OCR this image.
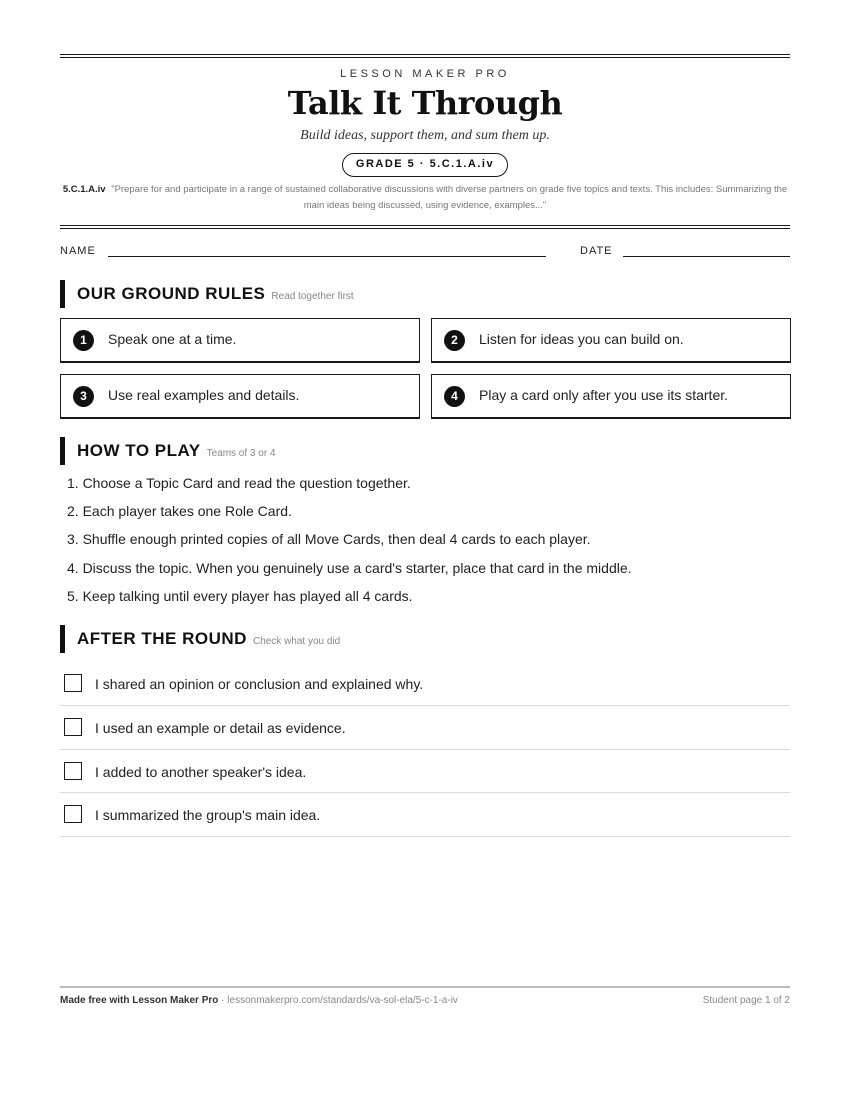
LESSON MAKER PRO
Talk It Through
Build ideas, support them, and sum them up.
GRADE 5 · 5.C.1.A.iv
5.C.1.A.iv "Prepare for and participate in a range of sustained collaborative discussions with diverse partners on grade five topics and texts. This includes: Summarizing the main ideas being discussed, using evidence, examples..."
NAME	DATE
OUR GROUND RULES Read together first
1	Speak one at a time.	2	Listen for ideas you can build on.
3	Use real examples and details.	4	Play a card only after you use its starter.
HOW TO PLAY Teams of 3 or 4
1. Choose a Topic Card and read the question together.
2. Each player takes one Role Card.
3. Shuffle enough printed copies of all Move Cards, then deal 4 cards to each player.
4. Discuss the topic. When you genuinely use a card's starter, place that card in the middle.
5. Keep talking until every player has played all 4 cards.
AFTER THE ROUND Check what you did
I shared an opinion or conclusion and explained why.
I used an example or detail as evidence.
I added to another speaker's idea.
I summarized the group's main idea.
Made free with Lesson Maker Pro · lessonmakerpro.com/standards/va-sol-ela/5-c-1-a-iv	Student page 1 of 2
